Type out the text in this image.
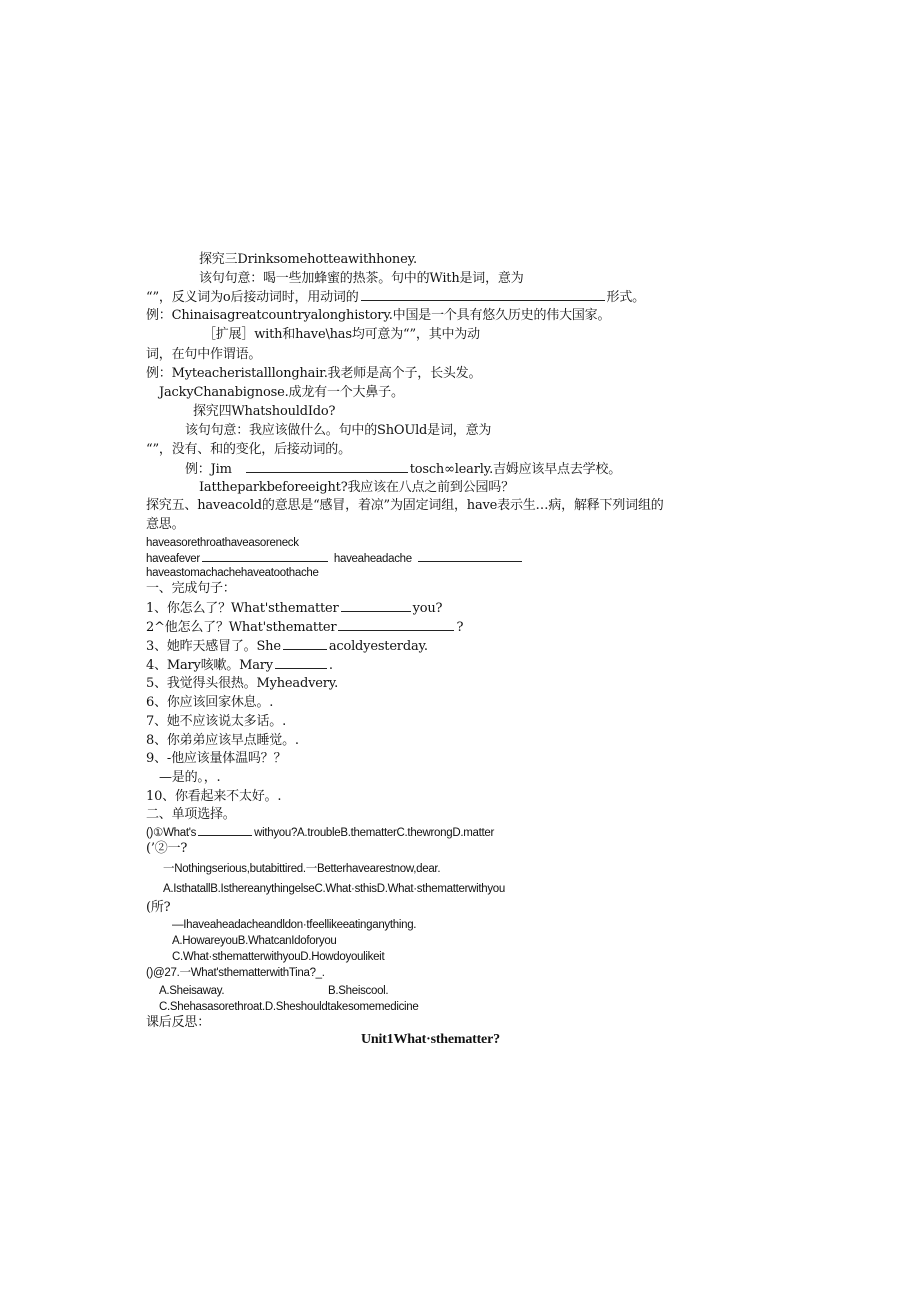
探究三Drinksomehotteawithhoney.
该句句意：喝一些加蜂蜜的热茶。句中的With是词，意为
“”，反义词为o后接动词时，用动词的	形式。
例：Chinaisagreatcountryalonghistory.中国是一个具有悠久历史的伟大国家。
［扩展］with和have\has均可意为“”，其中为动
词，在句中作谓语。
例：Myteacheristalllonghair.我老师是高个子，长头发。
JackyChanabignose.成龙有一个大鼻子。
探究四WhatshouldIdo?
该句句意：我应该做什么。句中的ShOUld是词，意为
“”，没有、和的变化，后接动词的。
例：Jim	tosch∞learly.吉姆应该早点去学校。
Iattheparkbeforeeight?我应该在八点之前到公园吗？
探究五、haveacold的意思是“感冒，着凉”为固定词组，have表示生…病，解释下列词组的
意思。
haveasorethroathaveasoreneck
haveafever	haveaheadache
haveastomachachehaveatoothache
一、完成句子：
1、你怎么了？What'sthematter	you?
2^他怎么了？What'sthematter	?
3、她昨天感冒了。She	acoldyesterday.
4、Mary咳嗽。Mary	.
5、我觉得头很热。Myheadvery.
6、你应该回家休息。.
7、她不应该说太多话。.
8、你弟弟应该早点睡觉。.
9、-他应该量体温吗？？
—是的。，.
10、你看起来不太好。.
二、单项选择。
()①What's	withyou?A.troubleB.thematterC.thewrongD.matter
(’②一?
一Nothingserious,butabittired.一Betterhavearestnow,dear.
A.IsthatallB.IsthereanythingelseC.What·sthisD.What·sthematterwithyou
(所?
—Ihaveaheadacheandldon·tfeellikeeatinganything.
A.HowareyouB.WhatcanIdoforyou
C.What·sthematterwithyouD.Howdoyoulikeit
()@27.一What'sthematterwithTina?_.
A.Sheisaway.	B.Sheiscool.
C.Shehasasorethroat.D.Sheshouldtakesomemedicine
课后反思：
Unit1What·sthematter?
